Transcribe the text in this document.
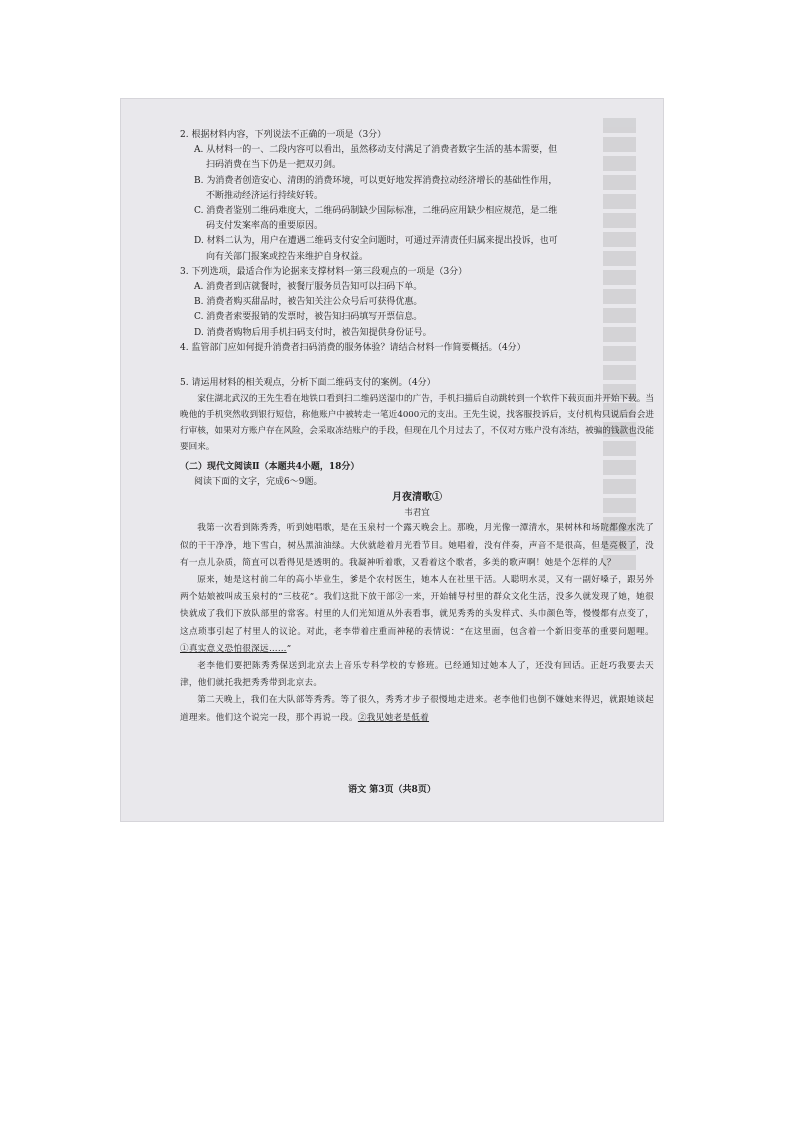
2. 根据材料内容，下列说法不正确的一项是（3分）

A. 从材料一的一、二段内容可以看出，虽然移动支付满足了消费者数字生活的基本需要，但

扫码消费在当下仍是一把双刃剑。

B. 为消费者创造安心、清朗的消费环境，可以更好地发挥消费拉动经济增长的基础性作用，

不断推动经济运行持续好转。

C. 消费者鉴别二维码难度大，二维码码制缺少国际标准，二维码应用缺少相应规范，是二维

码支付发案率高的重要原因。

D. 材料二认为，用户在遭遇二维码支付安全问题时，可通过弄清责任归属来提出投诉，也可

向有关部门报案或控告来维护自身权益。

3. 下列选项，最适合作为论据来支撑材料一第三段观点的一项是（3分）

A. 消费者到店就餐时，被餐厅服务员告知可以扫码下单。

B. 消费者购买甜品时，被告知关注公众号后可获得优惠。

C. 消费者索要报销的发票时，被告知扫码填写开票信息。

D. 消费者购物后用手机扫码支付时，被告知提供身份证号。

4. 监管部门应如何提升消费者扫码消费的服务体验？请结合材料一作简要概括。（4分）

5. 请运用材料的相关观点，分析下面二维码支付的案例。（4分）

家住湖北武汉的王先生看在地铁口看到扫二维码送湿巾的广告，手机扫描后自动跳转到一个软件下载页面并开始下载。当晚他的手机突然收到银行短信，称他账户中被转走一笔近4000元的支出。王先生说，找客服投诉后，支付机构只说后台会进行审核，如果对方账户存在风险，会采取冻结账户的手段，但现在几个月过去了，不仅对方账户没有冻结，被骗的钱款也没能要回来。

（二）现代文阅读Ⅱ（本题共4小题，18分）

阅读下面的文字，完成6～9题。

月夜清歌①

韦君宜

我第一次看到陈秀秀，听到她唱歌，是在玉泉村一个露天晚会上。那晚，月光像一潭清水，果树林和场院都像水洗了似的干干净净，地下雪白，树丛黑油油绿。大伙就趁着月光看节目。她唱着，没有伴奏，声音不是很高，但是亮极了，没有一点儿杂质，简直可以看得见是透明的。我凝神听着歌，又看着这个歌者，多美的歌声啊！她是个怎样的人？

原来，她是这村前二年的高小毕业生，爹是个农村医生，她本人在社里干活。人聪明水灵，又有一副好嗓子，跟另外两个姑娘被叫成玉泉村的“三枝花”。我们这批下放干部②一来，开始辅导村里的群众文化生活，没多久就发现了她，她很快就成了我们下放队部里的常客。村里的人们光知道从外表看事，就见秀秀的头发样式、头巾颜色等，慢慢都有点变了，这点琐事引起了村里人的议论。对此，老李带着庄重而神秘的表情说：“在这里面，包含着一个新旧变革的重要问题哩。①真实意义恐怕很深远……”

老李他们要把陈秀秀保送到北京去上音乐专科学校的专修班。已经通知过她本人了，还没有回话。正赶巧我要去天津，他们就托我把秀秀带到北京去。

第二天晚上，我们在大队部等秀秀。等了很久，秀秀才步子很慢地走进来。老李他们也倒不嫌她来得迟，就跟她谈起道理来。他们这个说完一段，那个再说一段。②我见她老是低着

语文 第3页（共8页）
